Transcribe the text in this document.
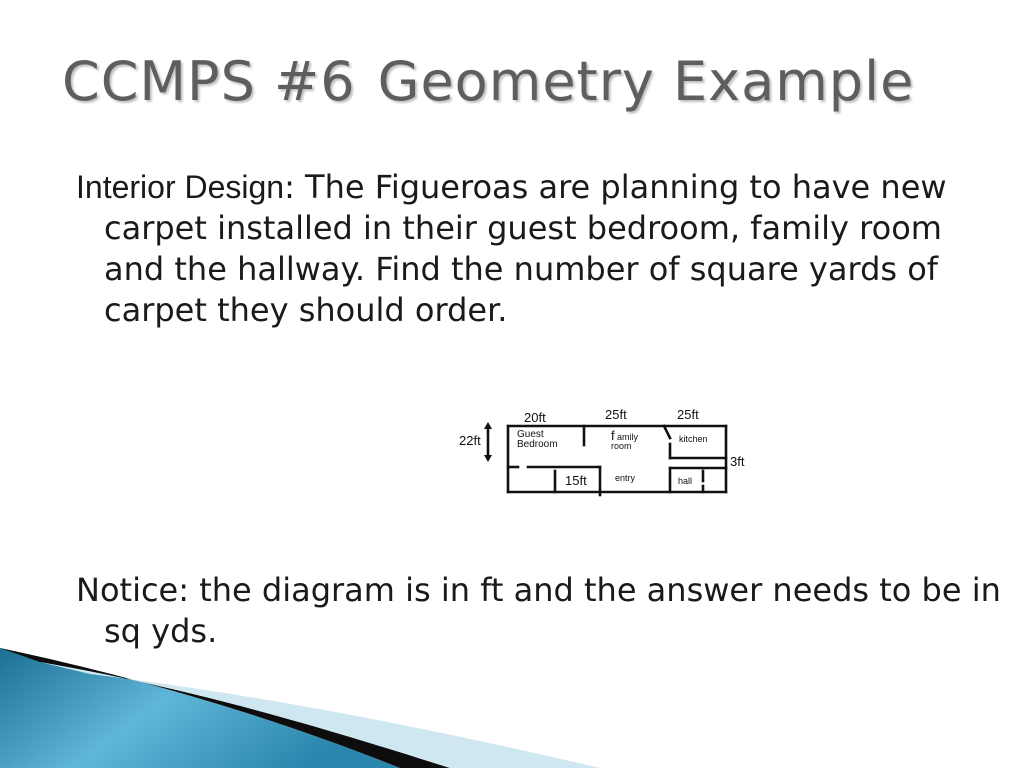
CCMPS #6 Geometry Example
Interior Design: The Figueroas are planning to have new carpet installed in their guest bedroom, family room and the hallway. Find the number of square yards of carpet they should order.
20ft	25ft	25ft
22ft
3ft
15ft
Guest
Bedroom
f amily
room
kitchen
entry	hall
Notice: the diagram is in ft and the answer needs to be in sq yds.
